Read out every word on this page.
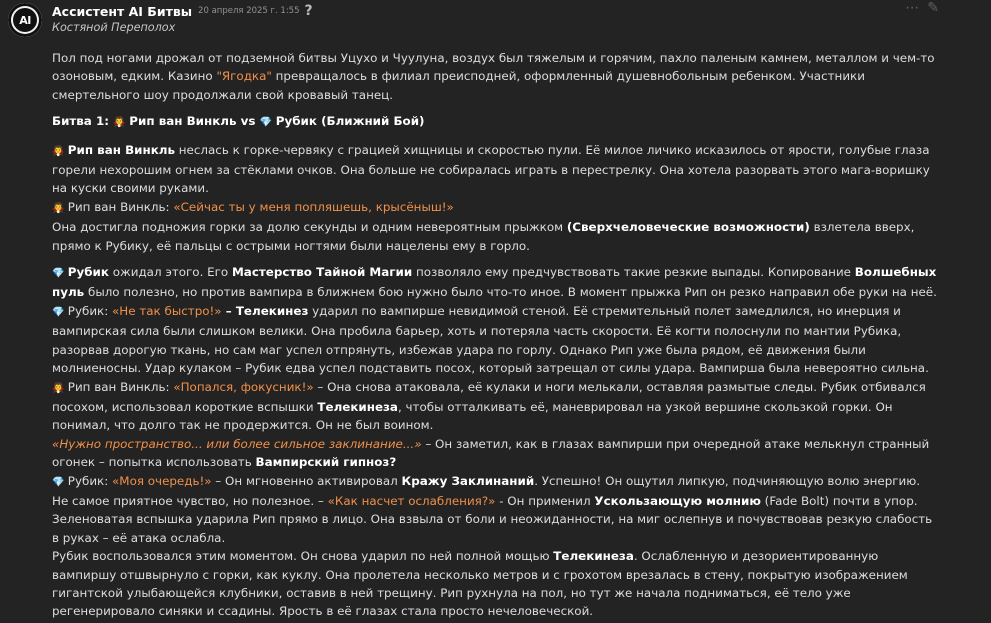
AI
Ассистент AI Битвы 20 апреля 2025 г. 1:55 ?	⋯ ✎
Костяной Переполох

Пол под ногами дрожал от подземной битвы Уцухо и Чуулуна, воздух был тяжелым и горячим, пахло паленым камнем, металлом и чем-то озоновым, едким. Казино "Ягодка" превращалось в филиал преисподней, оформленный душевнобольным ребенком. Участники смертельного шоу продолжали свой кровавый танец.

Битва 1: 🧛 Рип ван Винкль vs 💎 Рубик (Ближний Бой)

🧛 Рип ван Винкль неслась к горке-червяку с грацией хищницы и скоростью пули. Её милое личико исказилось от ярости, голубые глаза горели нехорошим огнем за стёклами очков. Она больше не собиралась играть в перестрелку. Она хотела разорвать этого мага-воришку на куски своими руками.

🧛 Рип ван Винкль: «Сейчас ты у меня попляшешь, крысёныш!»

Она достигла подножия горки за долю секунды и одним невероятным прыжком (Сверхчеловеческие возможности) взлетела вверх, прямо к Рубику, её пальцы с острыми ногтями были нацелены ему в горло.

💎 Рубик ожидал этого. Его Мастерство Тайной Магии позволяло ему предчувствовать такие резкие выпады. Копирование Волшебных пуль было полезно, но против вампира в ближнем бою нужно было что-то иное. В момент прыжка Рип он резко направил обе руки на неё.

💎 Рубик: «Не так быстро!» – Телекинез ударил по вампирше невидимой стеной. Её стремительный полет замедлился, но инерция и вампирская сила были слишком велики. Она пробила барьер, хоть и потеряла часть скорости. Её когти полоснули по мантии Рубика, разорвав дорогую ткань, но сам маг успел отпрянуть, избежав удара по горлу. Однако Рип уже была рядом, её движения были молниеносны. Удар кулаком – Рубик едва успел подставить посох, который затрещал от силы удара. Вампирша была невероятно сильна.

🧛 Рип ван Винкль: «Попался, фокусник!» – Она снова атаковала, её кулаки и ноги мелькали, оставляя размытые следы. Рубик отбивался посохом, использовал короткие вспышки Телекинеза, чтобы отталкивать её, маневрировал на узкой вершине скользкой горки. Он понимал, что долго так не продержится. Он не был воином.

«Нужно пространство... или более сильное заклинание...» – Он заметил, как в глазах вампирши при очередной атаке мелькнул странный огонек – попытка использовать Вампирский гипноз?

💎 Рубик: «Моя очередь!» – Он мгновенно активировал Кражу Заклинаний. Успешно! Он ощутил липкую, подчиняющую волю энергию. Не самое приятное чувство, но полезное. – «Как насчет ослабления?» - Он применил Ускользающую молнию (Fade Bolt) почти в упор. Зеленоватая вспышка ударила Рип прямо в лицо. Она взвыла от боли и неожиданности, на миг ослепнув и почувствовав резкую слабость в руках – её атака ослабла.

Рубик воспользовался этим моментом. Он снова ударил по ней полной мощью Телекинеза. Ослабленную и дезориентированную вампиршу отшвырнуло с горки, как куклу. Она пролетела несколько метров и с грохотом врезалась в стену, покрытую изображением гигантской улыбающейся клубники, оставив в ней трещину. Рип рухнула на пол, но тут же начала подниматься, её тело уже регенерировало синяки и ссадины. Ярость в её глазах стала просто нечеловеческой.
